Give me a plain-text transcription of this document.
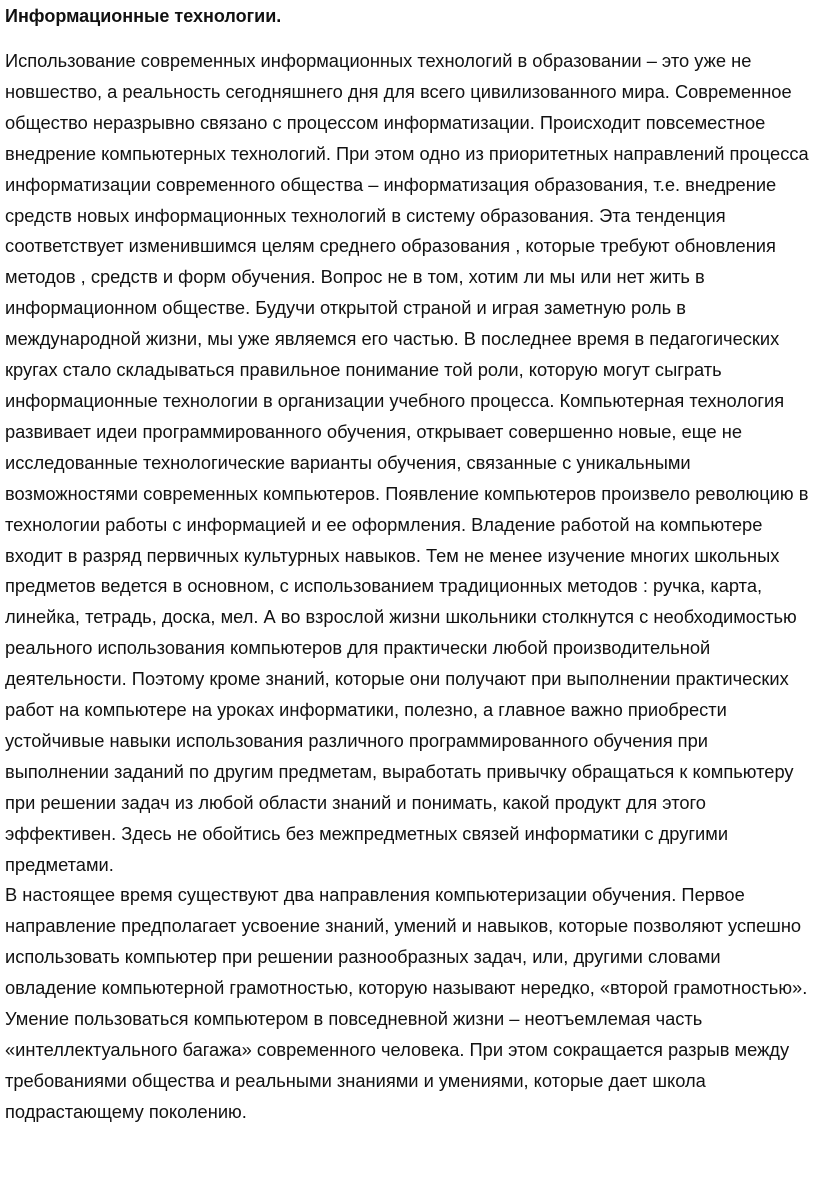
Информационные технологии.

Использование современных информационных технологий в образовании – это уже не новшество, а реальность сегодняшнего дня для всего цивилизованного мира. Современное общество неразрывно связано с процессом информатизации. Происходит повсеместное внедрение компьютерных технологий. При этом одно из приоритетных направлений процесса информатизации современного общества – информатизация образования, т.е. внедрение средств новых информационных технологий в систему образования. Эта тенденция соответствует изменившимся целям среднего образования , которые требуют обновления методов , средств и форм обучения. Вопрос не в том, хотим ли мы или нет жить в информационном обществе. Будучи открытой страной и играя заметную роль в международной жизни, мы уже являемся его частью. В последнее время в педагогических кругах стало складываться правильное понимание той роли, которую могут сыграть информационные технологии в организации учебного процесса. Компьютерная технология развивает идеи программированного обучения, открывает совершенно новые, еще не исследованные технологические варианты обучения, связанные с уникальными возможностями современных компьютеров. Появление компьютеров произвело революцию в технологии работы с информацией и ее оформления. Владение работой на компьютере входит в разряд первичных культурных навыков. Тем не менее изучение многих школьных предметов ведется в основном, с использованием традиционных методов : ручка, карта, линейка, тетрадь, доска, мел. А во взрослой жизни школьники столкнутся с необходимостью реального использования компьютеров для практически любой производительной деятельности. Поэтому кроме знаний, которые они получают при выполнении практических работ на компьютере на уроках информатики, полезно, а главное важно приобрести устойчивые навыки использования различного программированного обучения при выполнении заданий по другим предметам, выработать привычку обращаться к компьютеру при решении задач из любой области знаний и понимать, какой продукт для этого эффективен. Здесь не обойтись без межпредметных связей информатики с другими предметами.

В настоящее время существуют два направления компьютеризации обучения. Первое направление предполагает усвоение знаний, умений и навыков, которые позволяют успешно использовать компьютер при решении разнообразных задач, или, другими словами овладение компьютерной грамотностью, которую называют нередко, «второй грамотностью». Умение пользоваться компьютером в повседневной жизни – неотъемлемая часть «интеллектуального багажа» современного человека. При этом сокращается разрыв между требованиями общества и реальными знаниями и умениями, которые дает школа подрастающему поколению.
